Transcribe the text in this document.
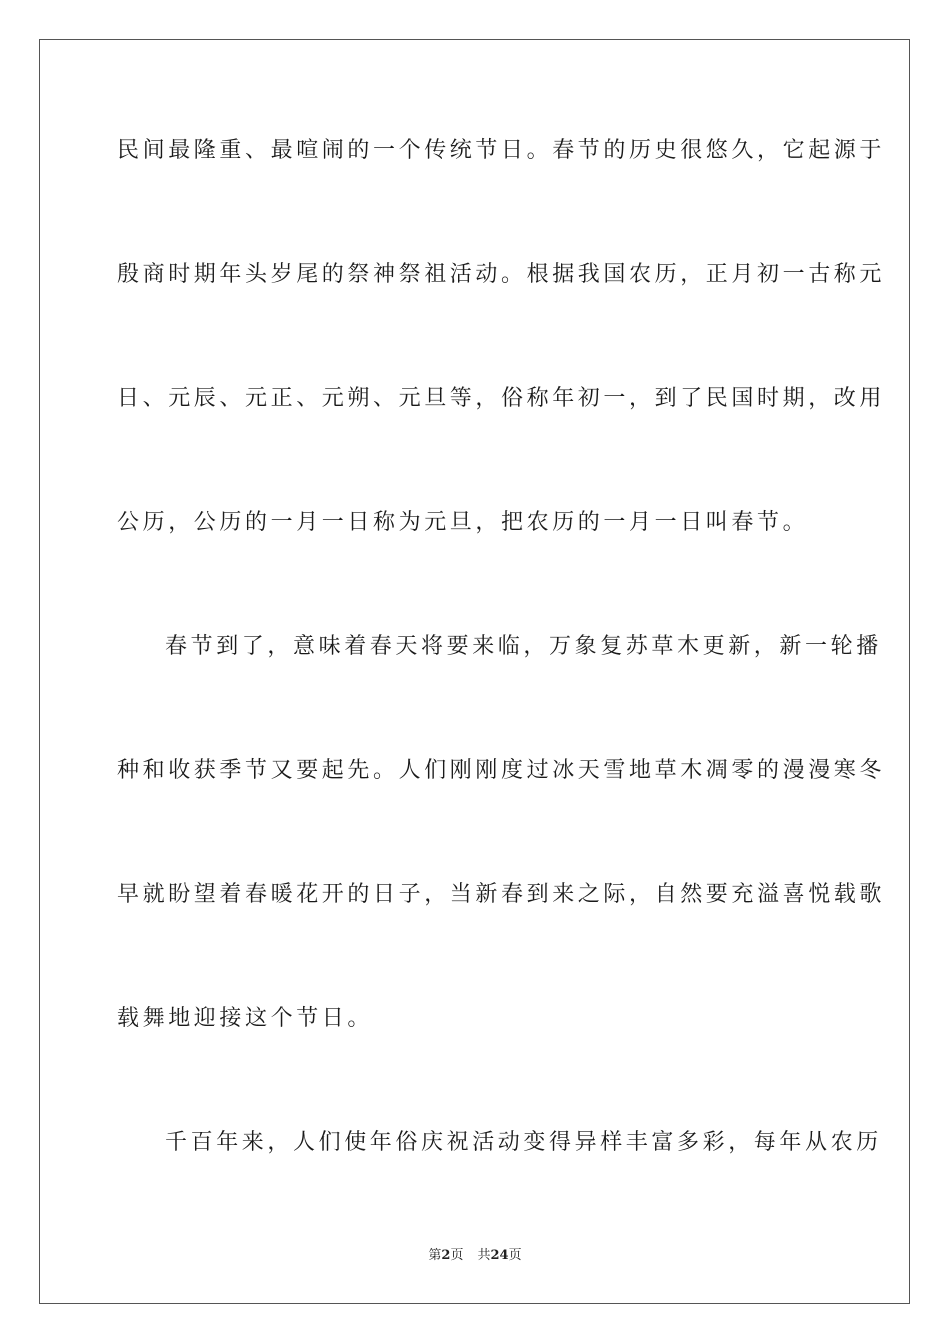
民间最隆重、最喧闹的一个传统节日。春节的历史很悠久，它起源于
殷商时期年头岁尾的祭神祭祖活动。根据我国农历，正月初一古称元
日、元辰、元正、元朔、元旦等，俗称年初一，到了民国时期，改用
公历，公历的一月一日称为元旦，把农历的一月一日叫春节。
春节到了，意味着春天将要来临，万象复苏草木更新，新一轮播
种和收获季节又要起先。人们刚刚度过冰天雪地草木凋零的漫漫寒冬
早就盼望着春暖花开的日子，当新春到来之际，自然要充溢喜悦载歌
载舞地迎接这个节日。
千百年来，人们使年俗庆祝活动变得异样丰富多彩，每年从农历
第2页 共24页
